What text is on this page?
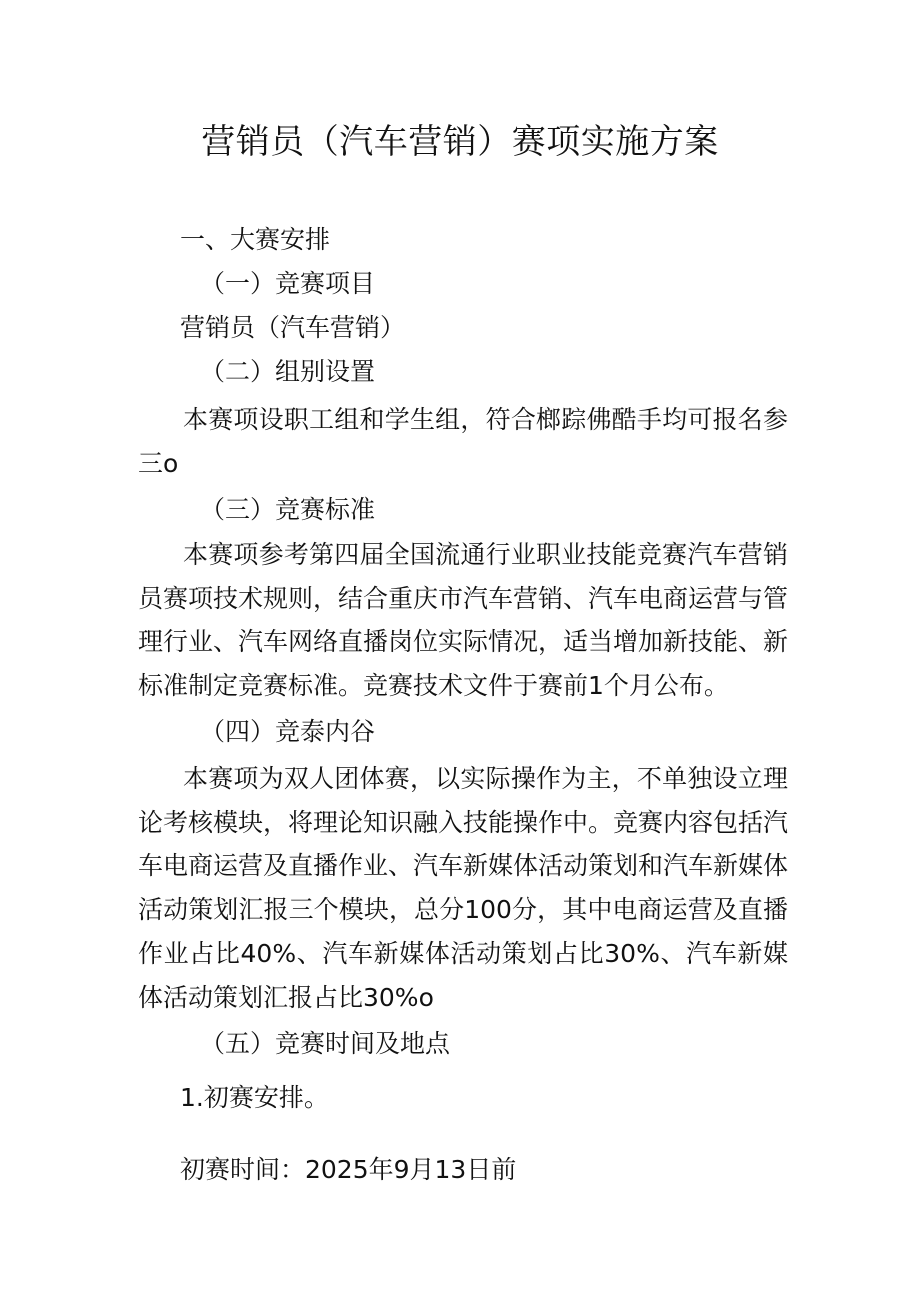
营销员（汽车营销）赛项实施方案
一、大赛安排
（一）竞赛项目
营销员（汽车营销）
（二）组别设置
本赛项设职工组和学生组，符合榔踪佛酷手均可报名参三o
（三）竞赛标准
本赛项参考第四届全国流通行业职业技能竞赛汽车营销员赛项技术规则，结合重庆市汽车营销、汽车电商运营与管理行业、汽车网络直播岗位实际情况，适当增加新技能、新标准制定竞赛标准。竞赛技术文件于赛前1个月公布。
（四）竞泰内谷
本赛项为双人团体赛，以实际操作为主，不单独设立理论考核模块，将理论知识融入技能操作中。竞赛内容包括汽车电商运营及直播作业、汽车新媒体活动策划和汽车新媒体活动策划汇报三个模块，总分100分，其中电商运营及直播作业占比40%、汽车新媒体活动策划占比30%、汽车新媒体活动策划汇报占比30%o
（五）竞赛时间及地点
1.初赛安排。
初赛时间：2025年9月13日前
